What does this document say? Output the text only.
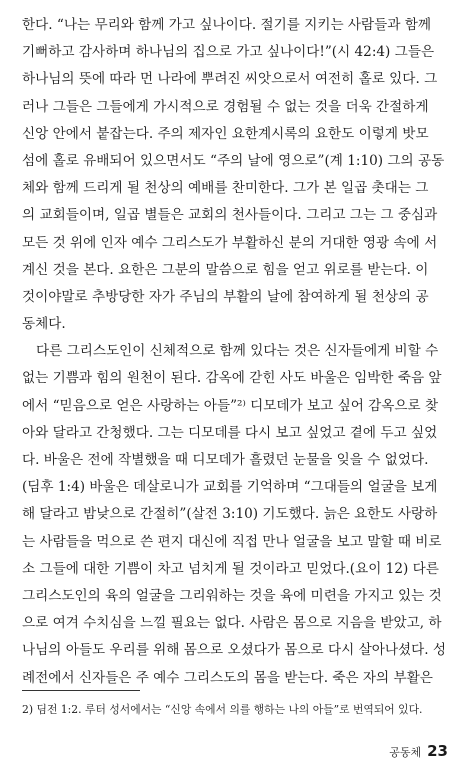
한다. “나는 무리와 함께 가고 싶나이다. 절기를 지키는 사람들과 함께
기뻐하고 감사하며 하나님의 집으로 가고 싶나이다!”(시 42:4) 그들은
하나님의 뜻에 따라 먼 나라에 뿌려진 씨앗으로서 여전히 홀로 있다. 그
러나 그들은 그들에게 가시적으로 경험될 수 없는 것을 더욱 간절하게
신앙 안에서 붙잡는다. 주의 제자인 요한계시록의 요한도 이렇게 밧모
섬에 홀로 유배되어 있으면서도 “주의 날에 영으로”(계 1:10) 그의 공동
체와 함께 드리게 될 천상의 예배를 찬미한다. 그가 본 일곱 촛대는 그
의 교회들이며, 일곱 별들은 교회의 천사들이다. 그리고 그는 그 중심과
모든 것 위에 인자 예수 그리스도가 부활하신 분의 거대한 영광 속에 서
계신 것을 본다. 요한은 그분의 말씀으로 힘을 얻고 위로를 받는다. 이
것이야말로 추방당한 자가 주님의 부활의 날에 참여하게 될 천상의 공
동체다.
다른 그리스도인이 신체적으로 함께 있다는 것은 신자들에게 비할 수
없는 기쁨과 힘의 원천이 된다. 감옥에 갇힌 사도 바울은 임박한 죽음 앞
에서 “믿음으로 얻은 사랑하는 아들”²⁾ 디모데가 보고 싶어 감옥으로 찾
아와 달라고 간청했다. 그는 디모데를 다시 보고 싶었고 곁에 두고 싶었
다. 바울은 전에 작별했을 때 디모데가 흘렸던 눈물을 잊을 수 없었다.
(딤후 1:4) 바울은 데살로니가 교회를 기억하며 “그대들의 얼굴을 보게
해 달라고 밤낮으로 간절히”(살전 3:10) 기도했다. 늙은 요한도 사랑하
는 사람들을 먹으로 쓴 편지 대신에 직접 만나 얼굴을 보고 말할 때 비로
소 그들에 대한 기쁨이 차고 넘치게 될 것이라고 믿었다.(요이 12) 다른
그리스도인의 육의 얼굴을 그리워하는 것을 육에 미련을 가지고 있는 것
으로 여겨 수치심을 느낄 필요는 없다. 사람은 몸으로 지음을 받았고, 하
나님의 아들도 우리를 위해 몸으로 오셨다가 몸으로 다시 살아나셨다. 성
례전에서 신자들은 주 예수 그리스도의 몸을 받는다. 죽은 자의 부활은
2) 딤전 1:2. 루터 성서에서는 “신앙 속에서 의를 행하는 나의 아들”로 번역되어 있다.
공동체 23
